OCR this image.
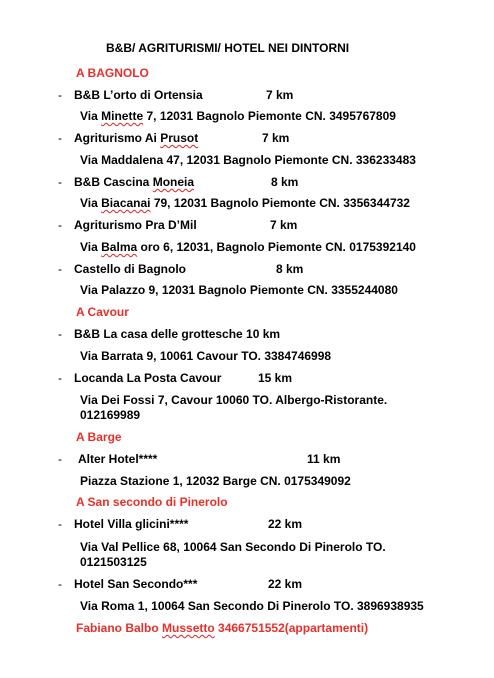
B&B/ AGRITURISMI/ HOTEL NEI DINTORNI
A BAGNOLO
- B&B L’orto di Ortensia	7 km
Via Minette 7, 12031 Bagnolo Piemonte CN. 3495767809
- Agriturismo Ai Prusot	7 km
Via Maddalena 47, 12031 Bagnolo Piemonte CN. 336233483
- B&B Cascina Moneia	8 km
Via Biacanai 79, 12031 Bagnolo Piemonte CN. 3356344732
- Agriturismo Pra D’Mil	7 km
Via Balma oro 6, 12031, Bagnolo Piemonte CN. 0175392140
- Castello di Bagnolo	8 km
Via Palazzo 9, 12031 Bagnolo Piemonte CN. 3355244080
A Cavour
- B&B La casa delle grottesche 10 km
Via Barrata 9, 10061 Cavour TO. 3384746998
- Locanda La Posta Cavour	15 km
Via Dei Fossi 7, Cavour 10060 TO. Albergo-Ristorante.
012169989
A Barge
- Alter Hotel****	11 km
Piazza Stazione 1, 12032 Barge CN. 0175349092
A San secondo di Pinerolo
- Hotel Villa glicini****	22 km
Via Val Pellice 68, 10064 San Secondo Di Pinerolo TO.
0121503125
- Hotel San Secondo***	22 km
Via Roma 1, 10064 San Secondo Di Pinerolo TO. 3896938935
Fabiano Balbo Mussetto 3466751552(appartamenti)
